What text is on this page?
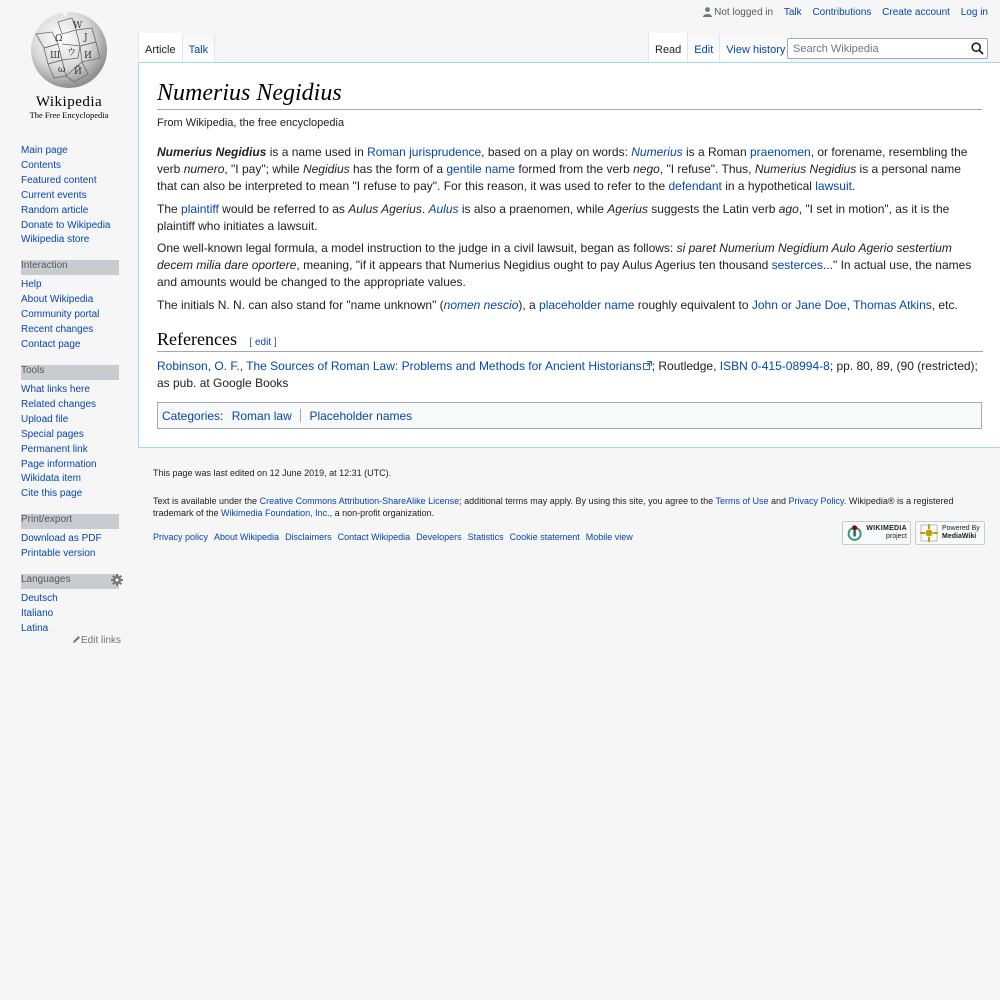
Ω
W
J
Ш ウ И
ω Й
Wikipedia
The Free Encyclopedia
Not logged in Talk Contributions Create account Log in
Article	Talk	Read	Edit	View history
Search Wikipedia
Main page
Contents
Featured content
Current events
Random article
Donate to Wikipedia
Wikipedia store
Interaction
Help
About Wikipedia
Community portal
Recent changes
Contact page
Tools
What links here
Related changes
Upload file
Special pages
Permanent link
Page information
Wikidata item
Cite this page
Print/export
Download as PDF
Printable version
Languages
Deutsch
Italiano
Latina
Edit links
Numerius Negidius
From Wikipedia, the free encyclopedia

Numerius Negidius is a name used in Roman jurisprudence, based on a play on words: Numerius is a Roman praenomen, or forename, resembling the verb numero, "I pay"; while Negidius has the form of a gentile name formed from the verb nego, "I refuse". Thus, Numerius Negidius is a personal name that can also be interpreted to mean "I refuse to pay". For this reason, it was used to refer to the defendant in a hypothetical lawsuit.

The plaintiff would be referred to as Aulus Agerius. Aulus is also a praenomen, while Agerius suggests the Latin verb ago, "I set in motion", as it is the plaintiff who initiates a lawsuit.

One well-known legal formula, a model instruction to the judge in a civil lawsuit, began as follows: si paret Numerium Negidium Aulo Agerio sestertium decem milia dare oportere, meaning, "if it appears that Numerius Negidius ought to pay Aulus Agerius ten thousand sesterces..." In actual use, the names and amounts would be changed to the appropriate values.

The initials N. N. can also stand for "name unknown" (nomen nescio), a placeholder name roughly equivalent to John or Jane Doe, Thomas Atkins, etc.

References [ edit ]

Robinson, O. F., The Sources of Roman Law: Problems and Methods for Ancient Historians ; Routledge, ISBN 0-415-08994-8; pp. 80, 89, (90 (restricted); as pub. at Google Books

Categories: Roman law Placeholder names

This page was last edited on 12 June 2019, at 12:31 (UTC).

Text is available under the Creative Commons Attribution-ShareAlike License; additional terms may apply. By using this site, you agree to the Terms of Use and Privacy Policy. Wikipedia® is a registered trademark of the Wikimedia Foundation, Inc., a non-profit organization.

Privacy policy About Wikipedia Disclaimers Contact Wikipedia Developers Statistics Cookie statement Mobile view
WIKIMEDIA
project
Powered By
MediaWiki
